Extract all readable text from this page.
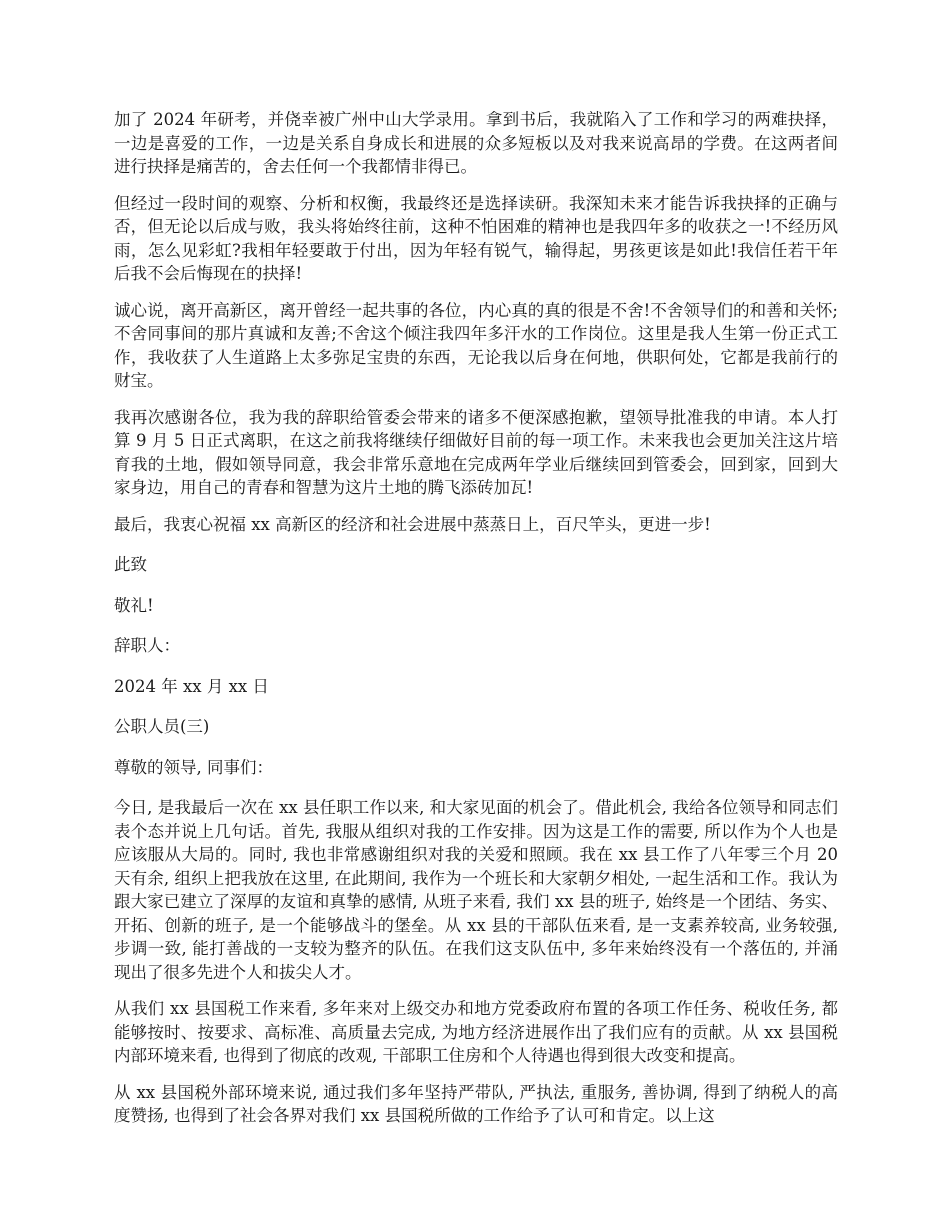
加了 2024 年研考，并侥幸被广州中山大学录用。拿到书后，我就陷入了工作和学习的两难抉择，一边是喜爱的工作，一边是关系自身成长和进展的众多短板以及对我来说高昂的学费。在这两者间进行抉择是痛苦的，舍去任何一个我都情非得已。

但经过一段时间的观察、分析和权衡，我最终还是选择读研。我深知未来才能告诉我抉择的正确与否，但无论以后成与败，我头将始终往前，这种不怕困难的精神也是我四年多的收获之一!不经历风雨，怎么见彩虹?我相年轻要敢于付出，因为年轻有锐气，输得起，男孩更该是如此!我信任若干年后我不会后悔现在的抉择!

诚心说，离开高新区，离开曾经一起共事的各位，内心真的真的很是不舍!不舍领导们的和善和关怀;不舍同事间的那片真诚和友善;不舍这个倾注我四年多汗水的工作岗位。这里是我人生第一份正式工作，我收获了人生道路上太多弥足宝贵的东西，无论我以后身在何地，供职何处，它都是我前行的财宝。

我再次感谢各位，我为我的辞职给管委会带来的诸多不便深感抱歉，望领导批准我的申请。本人打算 9 月 5 日正式离职，在这之前我将继续仔细做好目前的每一项工作。未来我也会更加关注这片培育我的土地，假如领导同意，我会非常乐意地在完成两年学业后继续回到管委会，回到家，回到大家身边，用自己的青春和智慧为这片土地的腾飞添砖加瓦!

最后，我衷心祝福 xx 高新区的经济和社会进展中蒸蒸日上，百尺竿头，更进一步!

此致

敬礼!

辞职人：

2024 年 xx 月 xx 日

公职人员(三)

尊敬的领导, 同事们：

今日, 是我最后一次在 xx 县任职工作以来, 和大家见面的机会了。借此机会, 我给各位领导和同志们表个态并说上几句话。首先, 我服从组织对我的工作安排。因为这是工作的需要, 所以作为个人也是应该服从大局的。同时, 我也非常感谢组织对我的关爱和照顾。我在 xx 县工作了八年零三个月 20 天有余, 组织上把我放在这里, 在此期间, 我作为一个班长和大家朝夕相处, 一起生活和工作。我认为跟大家已建立了深厚的友谊和真挚的感情, 从班子来看, 我们 xx 县的班子, 始终是一个团结、务实、开拓、创新的班子, 是一个能够战斗的堡垒。从 xx 县的干部队伍来看, 是一支素养较高, 业务较强, 步调一致, 能打善战的一支较为整齐的队伍。在我们这支队伍中, 多年来始终没有一个落伍的, 并涌现出了很多先进个人和拔尖人才。

从我们 xx 县国税工作来看, 多年来对上级交办和地方党委政府布置的各项工作任务、税收任务, 都能够按时、按要求、高标准、高质量去完成, 为地方经济进展作出了我们应有的贡献。从 xx 县国税内部环境来看, 也得到了彻底的改观, 干部职工住房和个人待遇也得到很大改变和提高。

从 xx 县国税外部环境来说, 通过我们多年坚持严带队, 严执法, 重服务, 善协调, 得到了纳税人的高度赞扬, 也得到了社会各界对我们 xx 县国税所做的工作给予了认可和肯定。以上这
